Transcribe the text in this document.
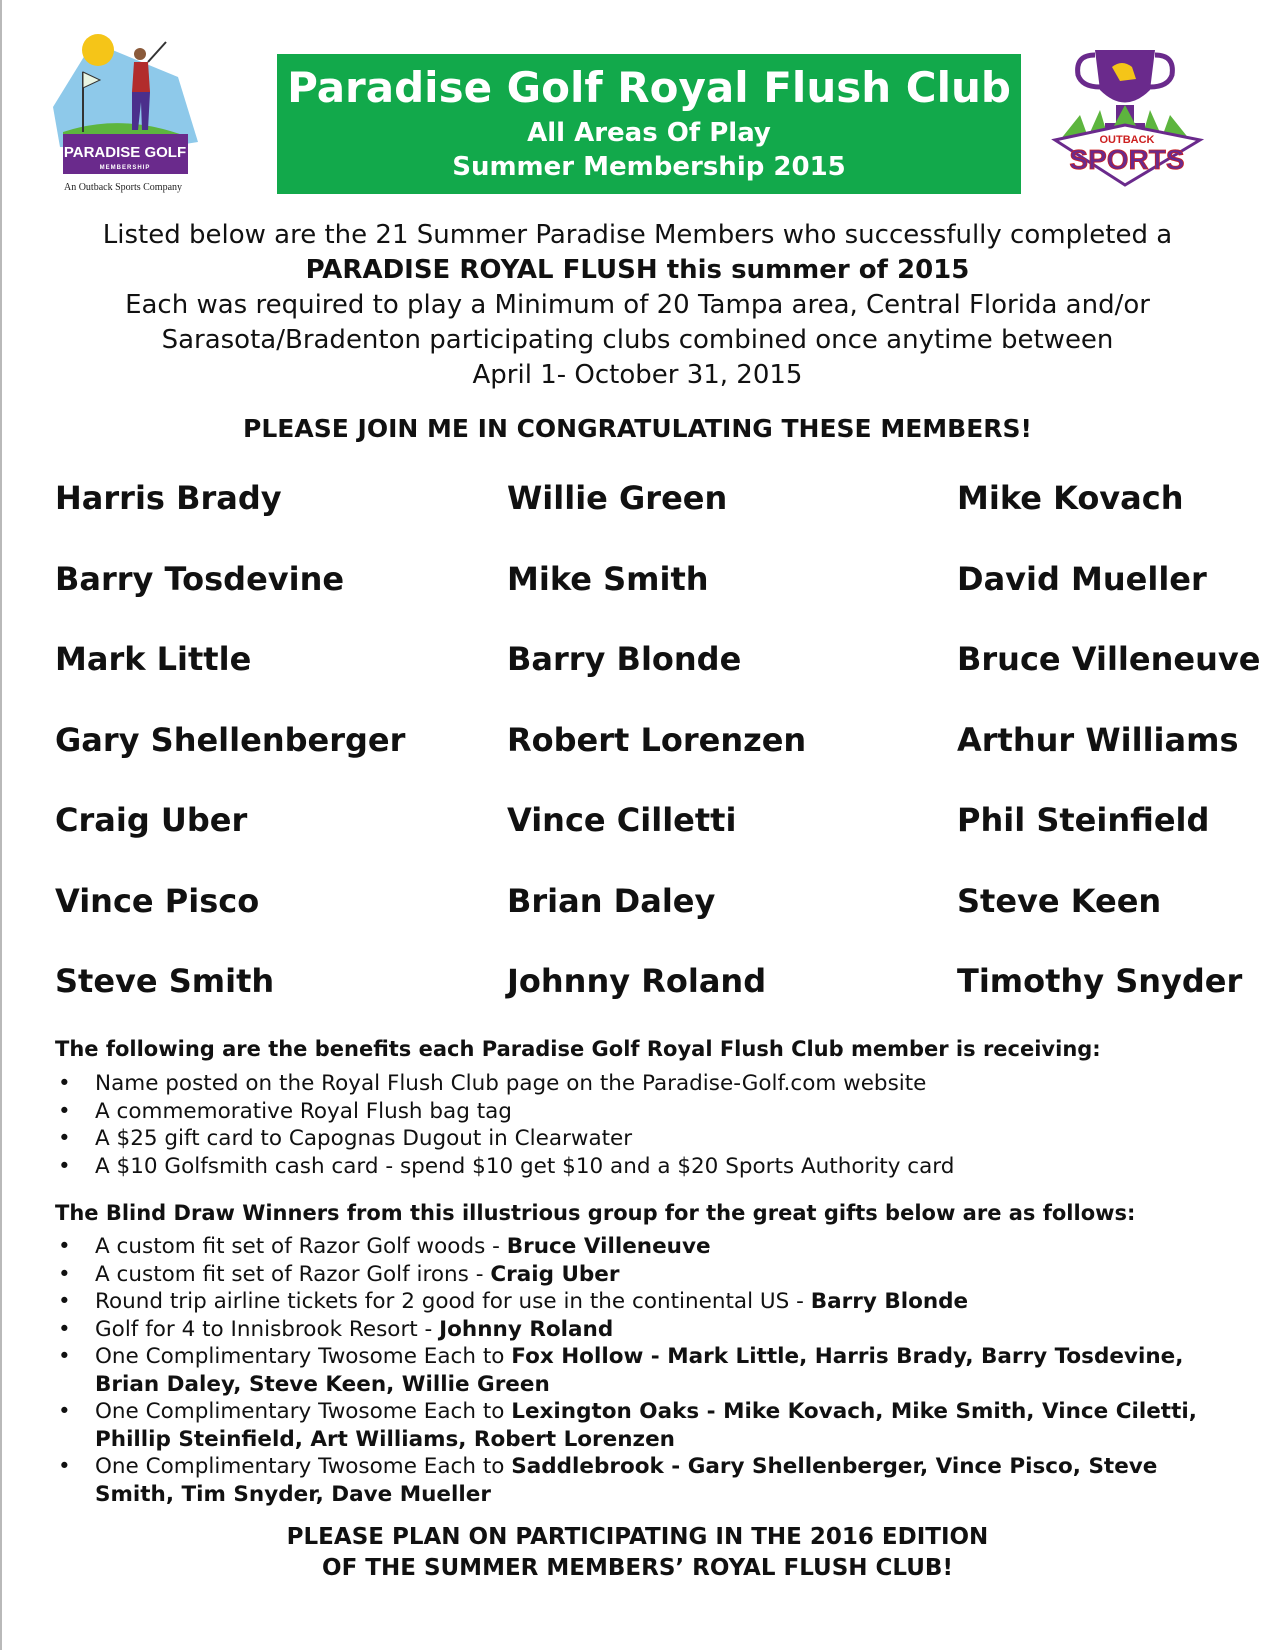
PARADISE GOLF
MEMBERSHIP
An Outback Sports Company
Paradise Golf Royal Flush Club
All Areas Of Play
Summer Membership 2015
OUTBACK
SPORTS
Listed below are the 21 Summer Paradise Members who successfully completed a
PARADISE ROYAL FLUSH this summer of 2015
Each was required to play a Minimum of 20 Tampa area, Central Florida and/or
Sarasota/Bradenton participating clubs combined once anytime between
April 1- October 31, 2015
PLEASE JOIN ME IN CONGRATULATING THESE MEMBERS!
Harris Brady	Willie Green	Mike Kovach
Barry Tosdevine	Mike Smith	David Mueller
Mark Little	Barry Blonde	Bruce Villeneuve
Gary Shellenberger	Robert Lorenzen	Arthur Williams
Craig Uber	Vince Cilletti	Phil Steinfield
Vince Pisco	Brian Daley	Steve Keen
Steve Smith	Johnny Roland	Timothy Snyder
The following are the benefits each Paradise Golf Royal Flush Club member is receiving:
• Name posted on the Royal Flush Club page on the Paradise-Golf.com website
• A commemorative Royal Flush bag tag
• A $25 gift card to Capognas Dugout in Clearwater
• A $10 Golfsmith cash card - spend $10 get $10 and a $20 Sports Authority card
The Blind Draw Winners from this illustrious group for the great gifts below are as follows:
• A custom fit set of Razor Golf woods - Bruce Villeneuve
• A custom fit set of Razor Golf irons - Craig Uber
• Round trip airline tickets for 2 good for use in the continental US - Barry Blonde
• Golf for 4 to Innisbrook Resort - Johnny Roland
• One Complimentary Twosome Each to Fox Hollow - Mark Little, Harris Brady, Barry Tosdevine, Brian Daley, Steve Keen, Willie Green
• One Complimentary Twosome Each to Lexington Oaks - Mike Kovach, Mike Smith, Vince Ciletti, Phillip Steinfield, Art Williams, Robert Lorenzen
• One Complimentary Twosome Each to Saddlebrook - Gary Shellenberger, Vince Pisco, Steve Smith, Tim Snyder, Dave Mueller
PLEASE PLAN ON PARTICIPATING IN THE 2016 EDITION
OF THE SUMMER MEMBERS’ ROYAL FLUSH CLUB!
